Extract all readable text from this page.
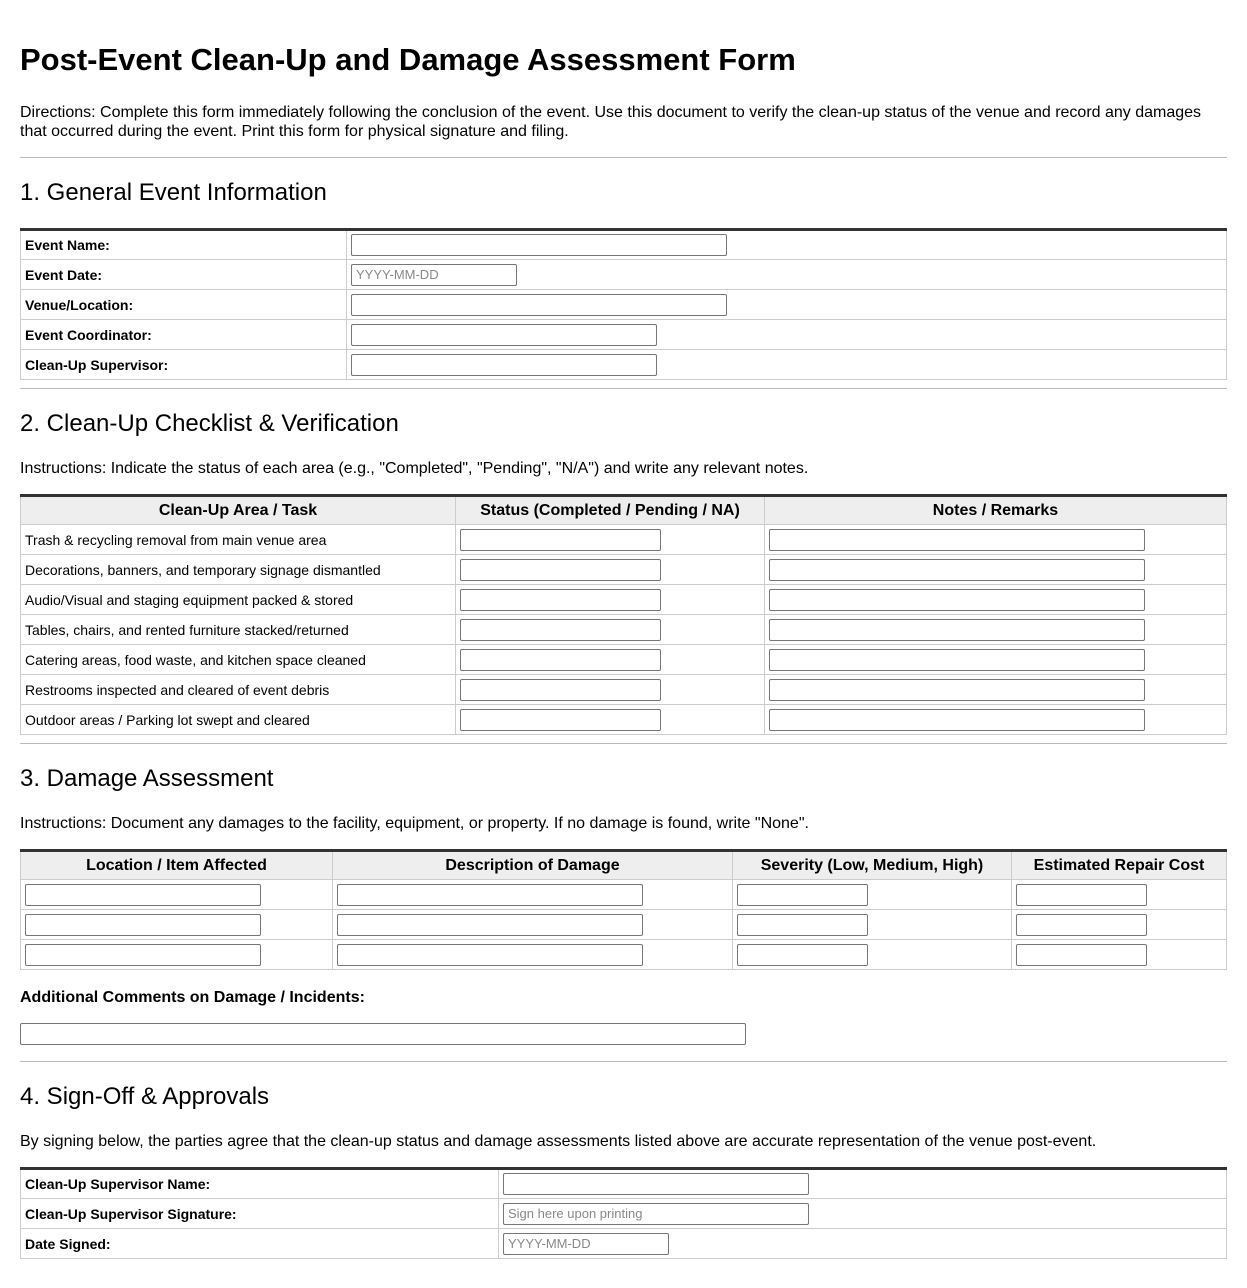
Post-Event Clean-Up and Damage Assessment Form

Directions: Complete this form immediately following the conclusion of the event. Use this document to verify the clean-up status of the venue and record any damages that occurred during the event. Print this form for physical signature and filing.

1. General Event Information
Event Name:	

Event Date:	
YYYY-MM-DD
Venue/Location:	

Event Coordinator:	

Clean-Up Supervisor:	
2. Clean-Up Checklist & Verification

Instructions: Indicate the status of each area (e.g., "Completed", "Pending", "N/A") and write any relevant notes.

Clean-Up Area / Task	Status (Completed / Pending / NA)	Notes / Remarks
Trash & recycling removal from main venue area	

Decorations, banners, and temporary signage dismantled	

Audio/Visual and staging equipment packed & stored	

Tables, chairs, and rented furniture stacked/returned	

Catering areas, food waste, and kitchen space cleaned	

Restrooms inspected and cleared of event debris	

Outdoor areas / Parking lot swept and cleared	

3. Damage Assessment

Instructions: Document any damages to the facility, equipment, or property. If no damage is found, write "None".

Location / Item Affected	Description of Damage	Severity (Low, Medium, High)	Estimated Repair Cost

Additional Comments on Damage / Incidents:

4. Sign-Off & Approvals

By signing below, the parties agree that the clean-up status and damage assessments listed above are accurate representation of the venue post-event.

Clean-Up Supervisor Name:	

Clean-Up Supervisor Signature:	
Sign here upon printing
Date Signed:	
YYYY-MM-DD
